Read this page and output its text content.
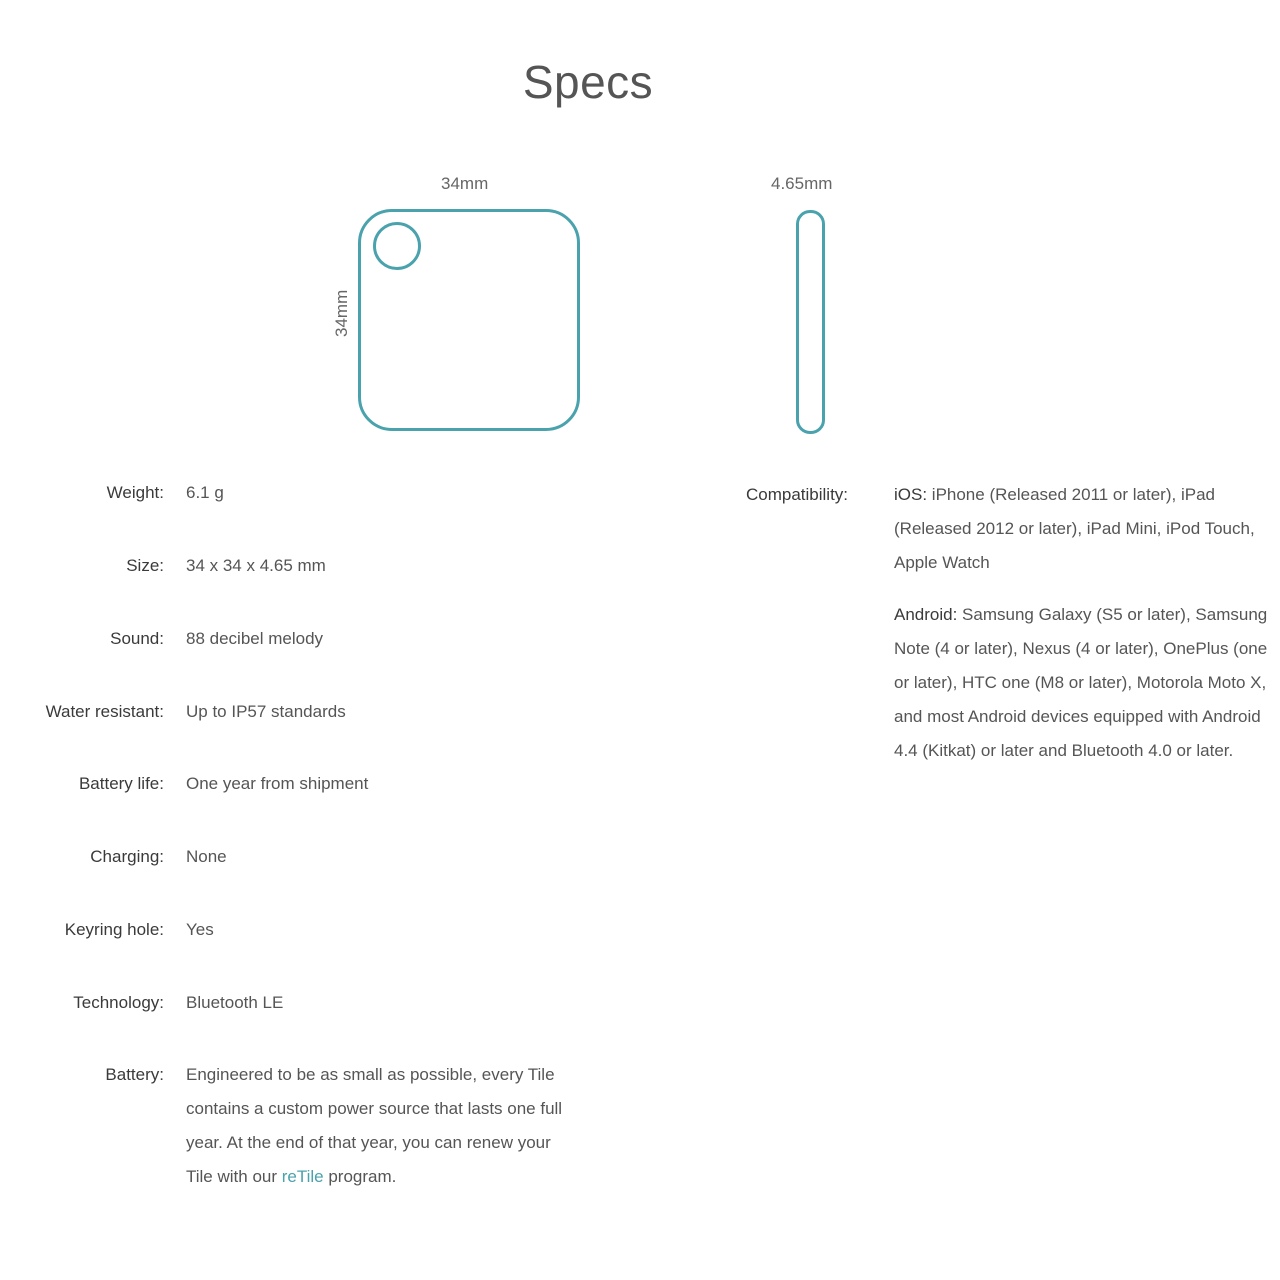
Specs
34mm	4.65mm
34mm
Weight: 6.1 g
Size: 34 x 34 x 4.65 mm
Sound: 88 decibel melody
Water resistant: Up to IP57 standards
Battery life: One year from shipment
Charging: None
Keyring hole: Yes
Technology: Bluetooth LE
Battery: Engineered to be as small as possible, every Tile contains a custom power source that lasts one full year. At the end of that year, you can renew your Tile with our reTile program.
Compatibility:	iOS: iPhone (Released 2011 or later), iPad (Released 2012 or later), iPad Mini, iPod Touch, Apple Watch
Android: Samsung Galaxy (S5 or later), Samsung Note (4 or later), Nexus (4 or later), OnePlus (one or later), HTC one (M8 or later), Motorola Moto X, and most Android devices equipped with Android 4.4 (Kitkat) or later and Bluetooth 4.0 or later.
